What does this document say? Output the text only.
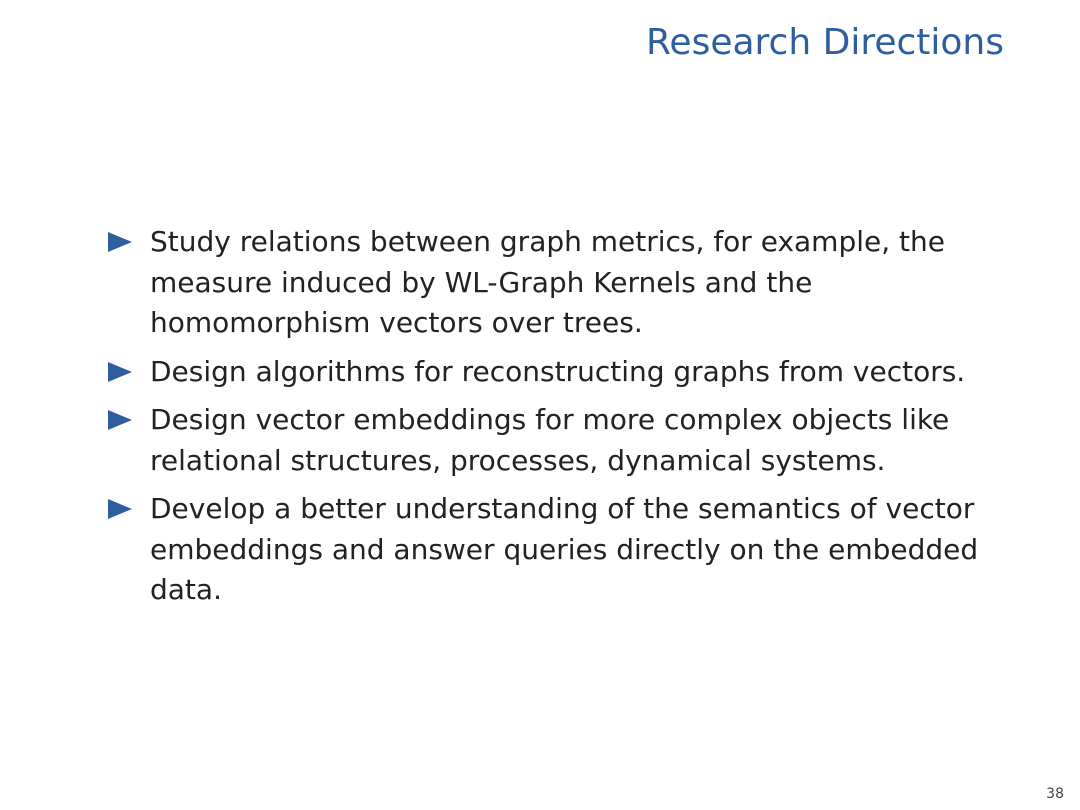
Research Directions
Study relations between graph metrics, for example, the measure induced by WL-Graph Kernels and the homomorphism vectors over trees.
Design algorithms for reconstructing graphs from vectors.
Design vector embeddings for more complex objects like relational structures, processes, dynamical systems.
Develop a better understanding of the semantics of vector embeddings and answer queries directly on the embedded data.
38
